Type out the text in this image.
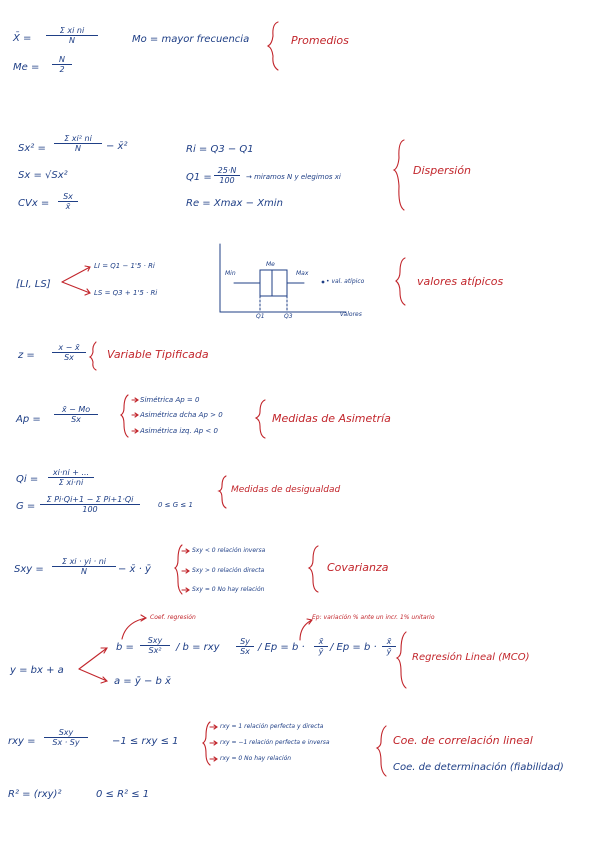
X̄ = $\frac{\text{Σ xi ni}}{N}$	Mo = mayor frecuencia
$Me = \frac{N}{2}$
Promedios
$Sx^2 = \frac{\text{Σ xi² ni}}{N}$ − x̄²
Sx = √Sx²
CVx = $\frac{Sx}{x̄}$
Ri = Q3 − Q1
$Q1 = \frac{25\cdot N}{100}$ → miramos N y elegimos xi
Re = Xmax − Xmin
Dispersión
[LI, LS]
LI = Q1 − 1'5 · Ri
LS = Q3 + 1'5 · Ri
Min
Me
Max
• val. atípico
Q1	Q3	valores
valores atípicos
$z = \frac{x - x̄}{Sx}$ Variable Tipificada
$Ap = \frac{x̄ - Mo}{Sx}$
Simétrica Ap = 0
Asimétrica dcha Ap > 0
Asimétrica izq. Ap < 0
Medidas de Asimetría
$Qi = \frac{xi\cdot ni + ...}{\text{Σ xi·ni}}$
$G = \frac{\text{Σ Pi·Qi+1 − Σ Pi+1·Qi}}{100}$	0 ≤ G ≤ 1
Medidas de desigualdad
Sxy = $\frac{\text{Σ xi · yi · ni}}{N}$ − x̄ · ȳ
Sxy < 0 relación inversa
Sxy > 0 relación directa
Sxy = 0 No hay relación
Covarianza
y = bx + a
Coef. regresión	Ep: variación % ante un incr. 1% unitario
b =
Sxy
Sx²	/ b = rxy $\frac{Sy}{Sx} / Ep = b \cdot \frac{x̄}{ȳ} / Ep = b \cdot \frac{x̄}{ȳ}$
a = ȳ − b x̄
Regresión Lineal (MCO)
rxy =
Sxy
Sx · Sy	−1 ≤ rxy ≤ 1
rxy = 1 relación perfecta y directa
rxy = −1 relación perfecta e inversa
rxy = 0 No hay relación
Coe. de correlación lineal
Coe. de determinación (fiabilidad)
R² = (rxy)²	0 ≤ R² ≤ 1
